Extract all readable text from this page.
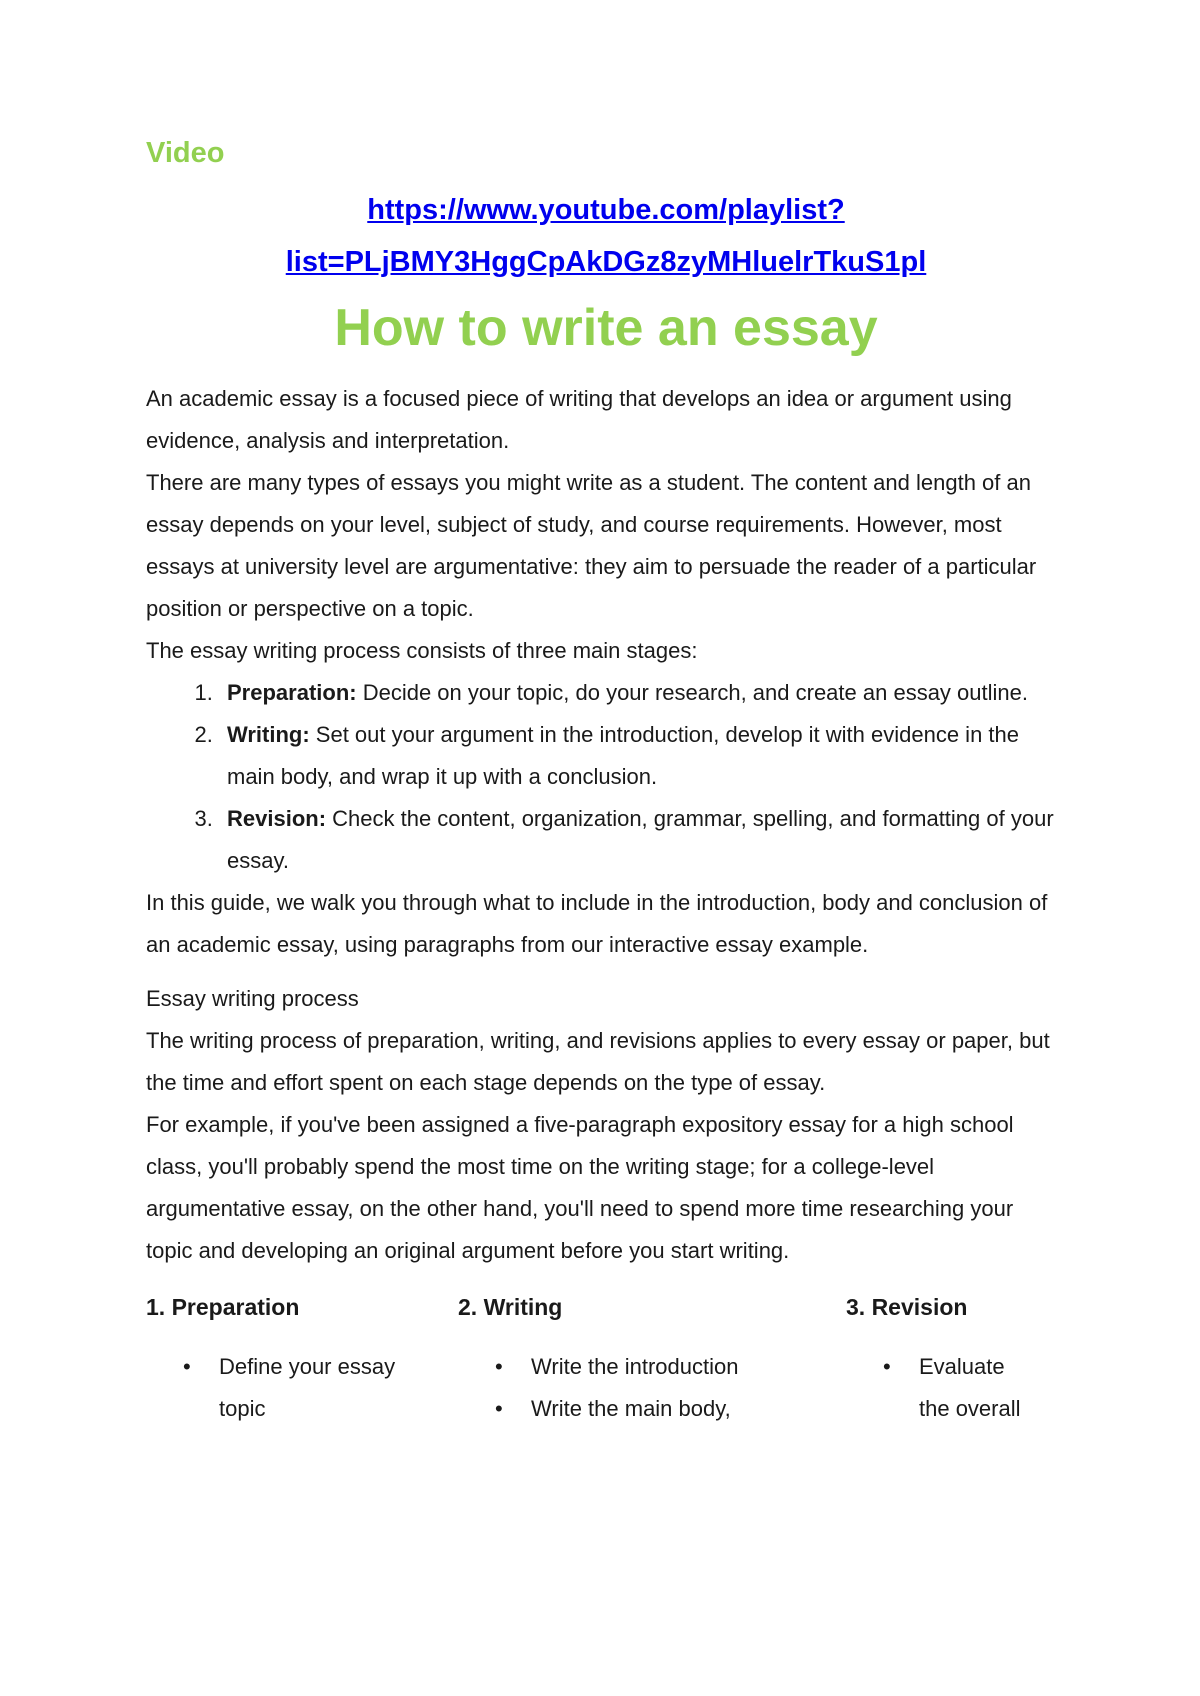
Video

https://www.youtube.com/playlist?
list=PLjBMY3HggCpAkDGz8zyMHluelrTkuS1pl
How to write an essay

An academic essay is a focused piece of writing that develops an idea or argument using evidence, analysis and interpretation.

There are many types of essays you might write as a student. The content and length of an essay depends on your level, subject of study, and course requirements. However, most essays at university level are argumentative: they aim to persuade the reader of a particular position or perspective on a topic.

The essay writing process consists of three main stages:

1. Preparation: Decide on your topic, do your research, and create an essay outline.
2. Writing: Set out your argument in the introduction, develop it with evidence in the main body, and wrap it up with a conclusion.
3. Revision: Check the content, organization, grammar, spelling, and formatting of your essay.

In this guide, we walk you through what to include in the introduction, body and conclusion of an academic essay, using paragraphs from our interactive essay example.

Essay writing process

The writing process of preparation, writing, and revisions applies to every essay or paper, but the time and effort spent on each stage depends on the type of essay.

For example, if you've been assigned a five-paragraph expository essay for a high school class, you'll probably spend the most time on the writing stage; for a college-level argumentative essay, on the other hand, you'll need to spend more time researching your topic and developing an original argument before you start writing.

1. Preparation

• Define your essay topic

2. Writing

• Write the introduction
• Write the main body,

3. Revision

• Evaluate the overall
